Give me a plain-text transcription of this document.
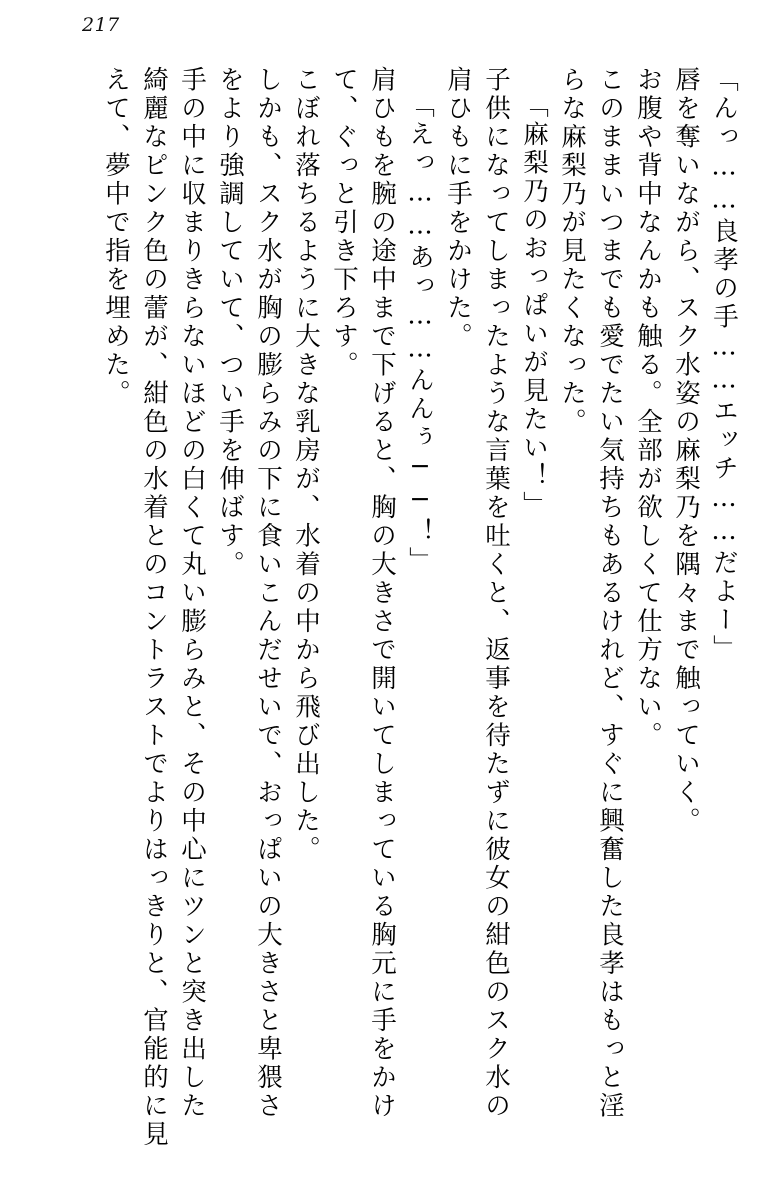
217
「んっ……良孝の手……エッチ……だよー」
唇を奪いながら、スク水姿の麻梨乃を隅々まで触っていく。
お腹や背中なんかも触る。全部が欲しくて仕方ない。
このままいつまでも愛でたい気持ちもあるけれど、すぐに興奮した良孝はもっと淫
らな麻梨乃が見たくなった。
「麻梨乃のおっぱいが見たい！」
子供になってしまったような言葉を吐くと、返事を待たずに彼女の紺色のスク水の
肩ひもに手をかけた。
「えっ……あっ……んんぅ──！」
肩ひもを腕の途中まで下げると、胸の大きさで開いてしまっている胸元に手をかけ
て、ぐっと引き下ろす。
こぼれ落ちるように大きな乳房が、水着の中から飛び出した。
しかも、スク水が胸の膨らみの下に食いこんだせいで、おっぱいの大きさと卑猥さ
をより強調していて、つい手を伸ばす。
手の中に収まりきらないほどの白くて丸い膨らみと、その中心にツンと突き出した
綺麗なピンク色の蕾が、紺色の水着とのコントラストでよりはっきりと、官能的に見
えて、夢中で指を埋めた。
